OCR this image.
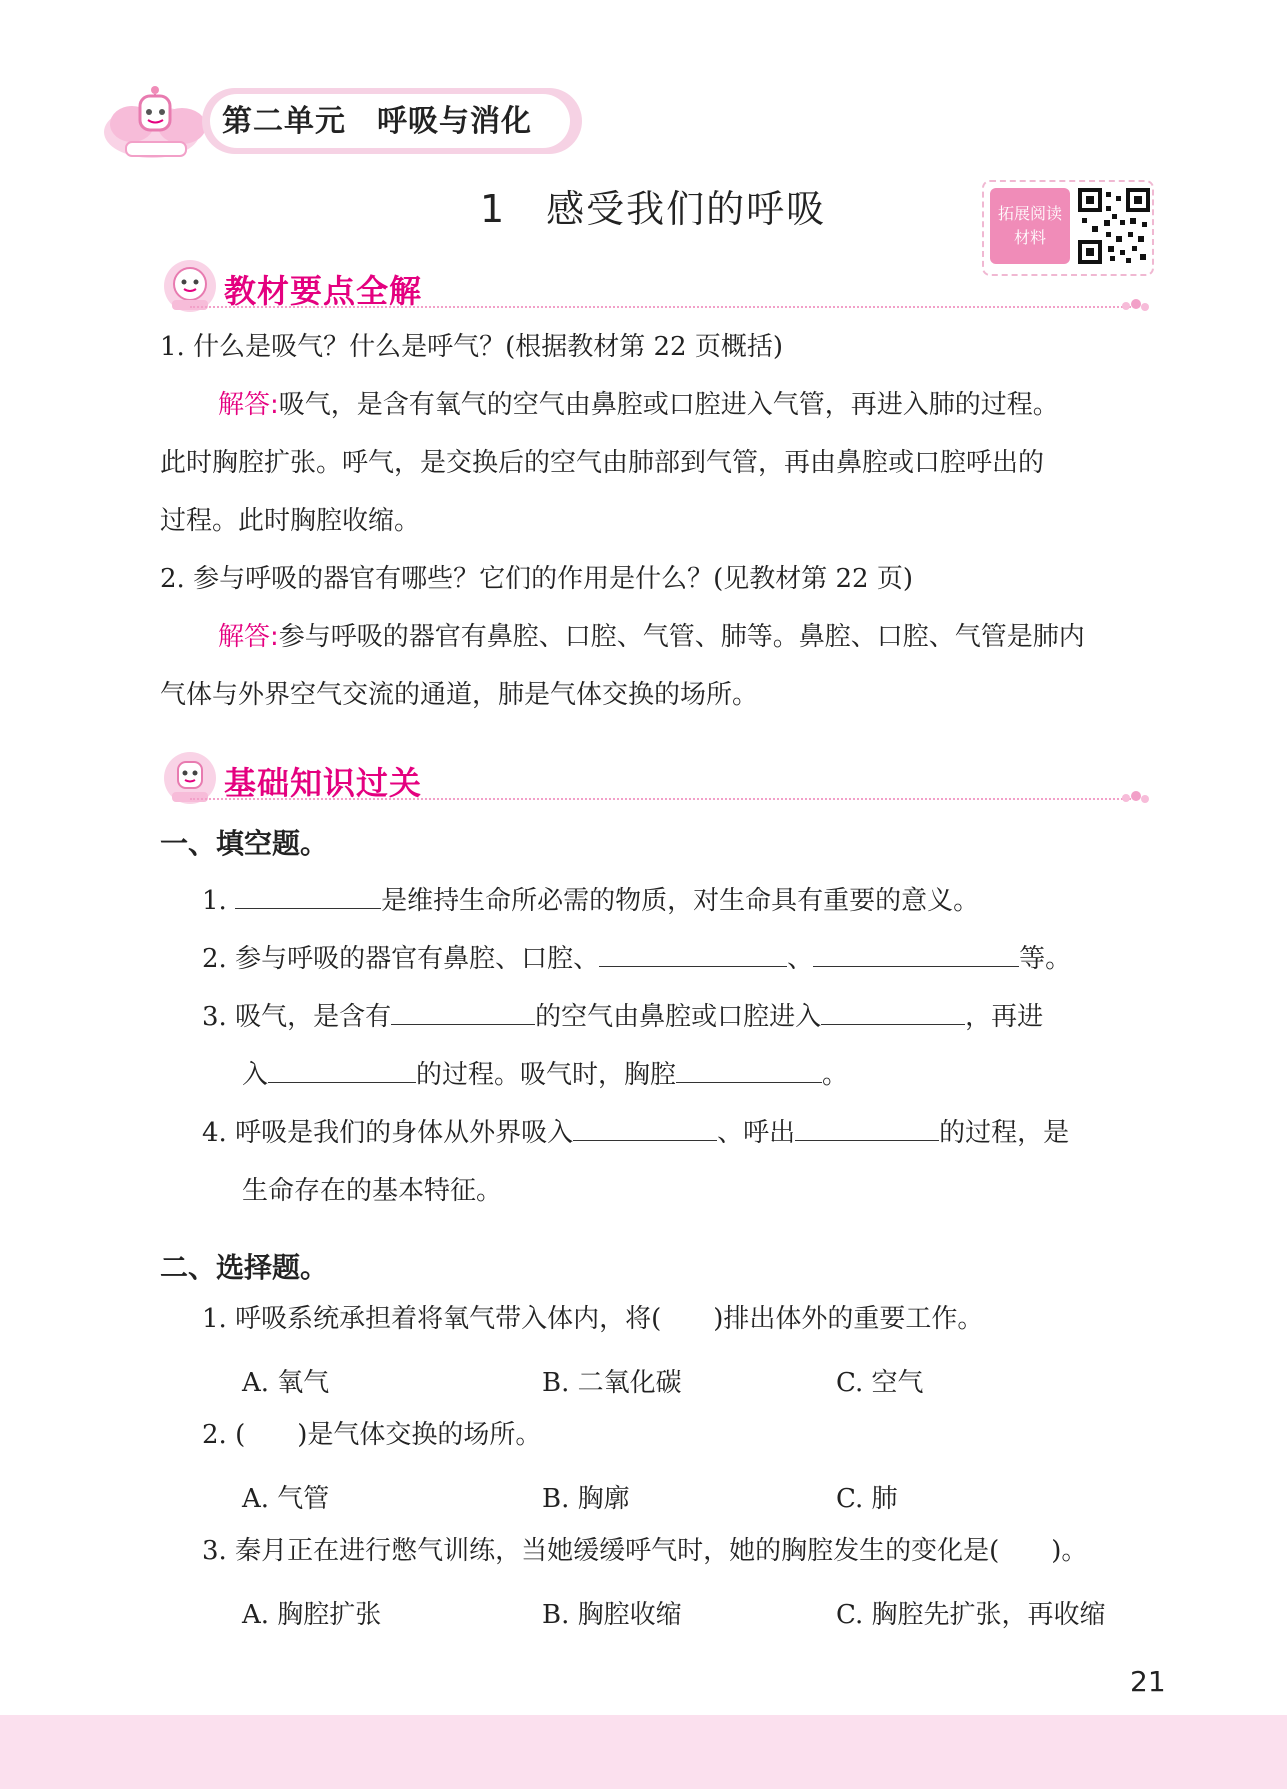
第二单元　呼吸与消化
1　感受我们的呼吸	拓展阅读
材料
教材要点全解
1. 什么是吸气？什么是呼气？(根据教材第 22 页概括)
解答:吸气，是含有氧气的空气由鼻腔或口腔进入气管，再进入肺的过程。
此时胸腔扩张。呼气，是交换后的空气由肺部到气管，再由鼻腔或口腔呼出的
过程。此时胸腔收缩。
2. 参与呼吸的器官有哪些？它们的作用是什么？(见教材第 22 页)
解答:参与呼吸的器官有鼻腔、口腔、气管、肺等。鼻腔、口腔、气管是肺内
气体与外界空气交流的通道，肺是气体交换的场所。
基础知识过关
一、填空题。
1.	是维持生命所必需的物质，对生命具有重要的意义。
2. 参与呼吸的器官有鼻腔、口腔、	、	等。
3. 吸气，是含有	的空气由鼻腔或口腔进入	，再进
入	的过程。吸气时，胸腔	。
4. 呼吸是我们的身体从外界吸入	、呼出	的过程，是
生命存在的基本特征。
二、选择题。
1. 呼吸系统承担着将氧气带入体内，将(　　)排出体外的重要工作。
A. 氧气	B. 二氧化碳	C. 空气
2. (　　)是气体交换的场所。
A. 气管	B. 胸廓	C. 肺
3. 秦月正在进行憋气训练，当她缓缓呼气时，她的胸腔发生的变化是(　　)。
A. 胸腔扩张	B. 胸腔收缩	C. 胸腔先扩张，再收缩
21
